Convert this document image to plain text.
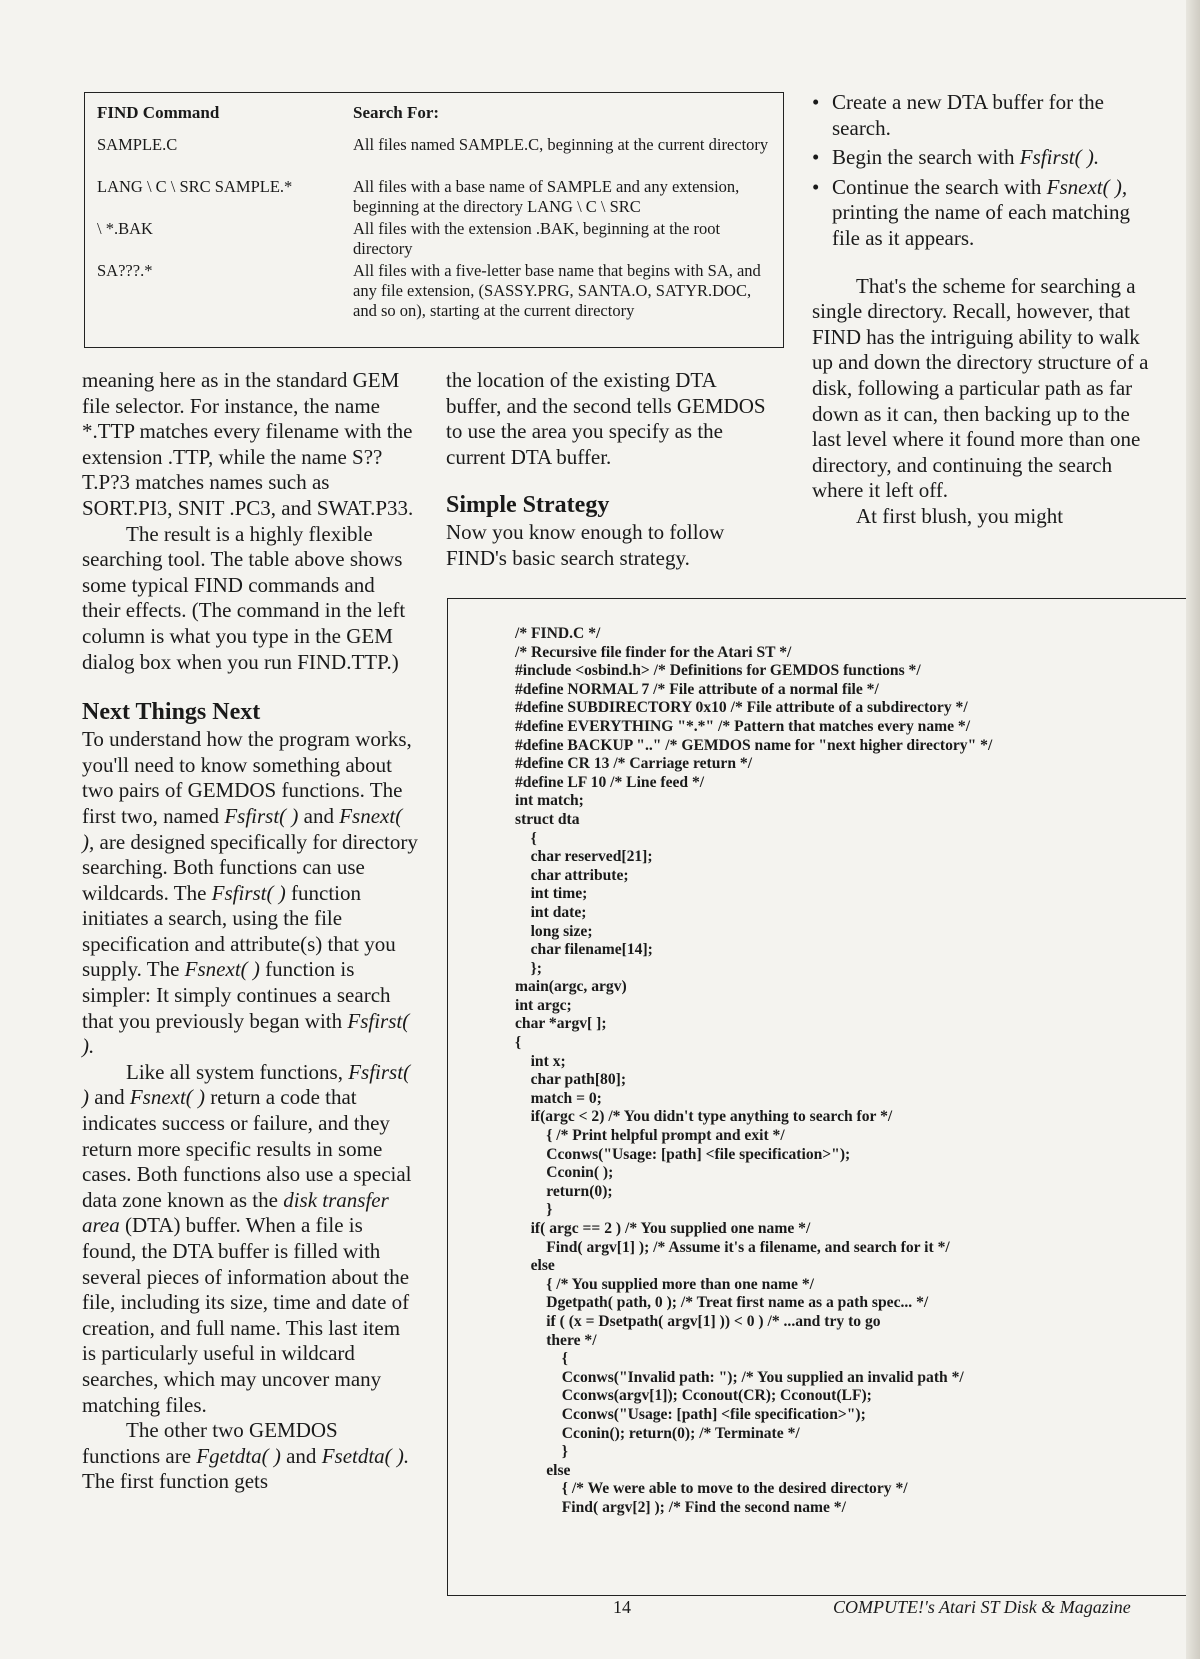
FIND Command	Search For:
SAMPLE.C	All files named SAMPLE.C, beginning at the current directory
LANG \ C \ SRC SAMPLE.*	All files with a base name of SAMPLE and any extension, beginning at the directory LANG \ C \ SRC
\ *.BAK	All files with the extension .BAK, beginning at the root directory
SA???.*	All files with a five-letter base name that begins with SA, and any file extension, (SASSY.PRG, SANTA.O, SATYR.DOC, and so on), starting at the current directory

meaning here as in the standard GEM file selector. For instance, the name *.TTP matches every filename with the extension .TTP, while the name S??T.P?3 matches names such as SORT.PI3, SNIT .PC3, and SWAT.P33.

The result is a highly flexible searching tool. The table above shows some typical FIND commands and their effects. (The command in the left column is what you type in the GEM dialog box when you run FIND.TTP.)

Next Things Next

To understand how the program works, you'll need to know something about two pairs of GEMDOS functions. The first two, named Fsfirst( ) and Fsnext( ), are designed specifically for directory searching. Both functions can use wildcards. The Fsfirst( ) function initiates a search, using the file specification and attribute(s) that you supply. The Fsnext( ) function is simpler: It simply continues a search that you previously began with Fsfirst( ).

Like all system functions, Fsfirst( ) and Fsnext( ) return a code that indicates success or failure, and they return more specific results in some cases. Both functions also use a special data zone known as the disk transfer area (DTA) buffer. When a file is found, the DTA buffer is filled with several pieces of information about the file, including its size, time and date of creation, and full name. This last item is particularly useful in wildcard searches, which may uncover many matching files.

The other two GEMDOS functions are Fgetdta( ) and Fsetdta( ). The first function gets

the location of the existing DTA buffer, and the second tells GEMDOS to use the area you specify as the current DTA buffer.

Simple Strategy

Now you know enough to follow FIND's basic search strategy.

• Create a new DTA buffer for the search.
• Begin the search with Fsfirst( ).
• Continue the search with Fsnext( ), printing the name of each matching file as it appears.

That's the scheme for searching a single directory. Recall, however, that FIND has the intriguing ability to walk up and down the directory structure of a disk, following a particular path as far down as it can, then backing up to the last level where it found more than one directory, and continuing the search where it left off.

At first blush, you might

/* FIND.C */
/* Recursive file finder for the Atari ST */
#include <osbind.h> /* Definitions for GEMDOS functions */
#define NORMAL 7 /* File attribute of a normal file */
#define SUBDIRECTORY 0x10 /* File attribute of a subdirectory */
#define EVERYTHING "*.*" /* Pattern that matches every name */
#define BACKUP ".." /* GEMDOS name for "next higher directory" */
#define CR 13 /* Carriage return */
#define LF 10 /* Line feed */
int match;
struct dta
{
char reserved[21];
char attribute;
int time;
int date;
long size;
char filename[14];
};
main(argc, argv)
int argc;
char *argv[ ];
{
int x;
char path[80];
match = 0;
if(argc < 2) /* You didn't type anything to search for */
{ /* Print helpful prompt and exit */
Cconws("Usage: [path] <file specification>");
Cconin( );
return(0);
}
if( argc == 2 ) /* You supplied one name */
Find( argv[1] ); /* Assume it's a filename, and search for it */
else
{ /* You supplied more than one name */
Dgetpath( path, 0 ); /* Treat first name as a path spec... */
if ( (x = Dsetpath( argv[1] )) < 0 ) /* ...and try to go
there */
{
Cconws("Invalid path: "); /* You supplied an invalid path */
Cconws(argv[1]); Cconout(CR); Cconout(LF);
Cconws("Usage: [path] <file specification>");
Cconin(); return(0); /* Terminate */
}
else
{ /* We were able to move to the desired directory */
Find( argv[2] ); /* Find the second name */
14	COMPUTE!'s Atari ST Disk & Magazine
